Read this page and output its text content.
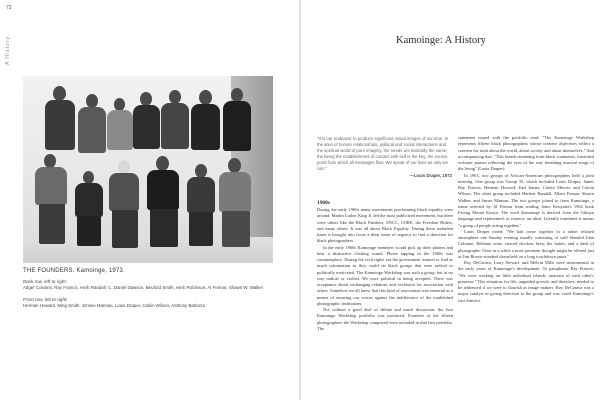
72
A History
THE FOUNDERS. Kamoinge, 1973.
Back row, left to right:
Adger Cowans, Ray Francis, Herb Randall, C. Daniel Dawson, Beuford Smith, Herb Robinson, Al Fennar, Shawn W. Walker
Front row, left to right:
Herman Howard, Ming Smith, Jimmie Mannas, Louis Draper, Calvin Wilson, Anthony Barboza
Kamoinge: A History
"It is our endeavor to produce significant visual images of our time. In the area of human relationships, political and social interactions and the spiritual world of pure imagery, the needs are basically the same; the being the establishment of contact with self is the key, the source point from which all messages flow. We speak of our lives as only we can."
—Louis Draper, 1972
1960s

During the early 1960s many movements proclaiming black equality were around. Martin Luther King Jr. led the most publicized movement, but there were others like the Black Panthers, SNCC, CORE, the Freedom Riders, and many others. It was all about Black Equality. During these turbulent times it brought into focus a deep sense of urgency to find a direction for black photographers.

In the early 1960s Kamoinge members would pick up their phones and hear a distinctive clicking sound. Phone tapping in the 1960s was commonplace. During the civil rights era the government wanted to find as much information as they could on black groups that were radical or politically motivated. The Kamoinge Workshop was such a group, but in no way radical or violent. We were political in being accepted. There was acceptance about exchanging relations and exclusion for association with others. Somehow we all knew that this kind of association was essential as a means of ensuring our voices against the indifference of the established photographic institutions.

Not without a good deal of debate and much discussion, the first Kamoinge Workshop portfolio was produced. Fourteen of the fifteen photographers the Workshop comprised were included in that first portfolio. The

statement issued with the portfolio read: "The Kamoinge Workshop represents fifteen black photographers whose creative objectives reflect a concern for truth about the world, about society and about themselves." And accompanying that, "This breath streaming from black comments, frustrated volcanic pauses reflecting the eyes of the sun, breathing musical songs of the living" (Louis Draper).

In 1963, two groups of African-American photographers held a joint meeting. One group was Group 35, which included Louis Draper, James Ray Francis, Herman Howard, Earl James, Calvin Mercer, and Calvin Wilson. The other group included Herbert Randall, Albert Fennar, Shawn Walker, and James Mannas. The two groups joined to form Kamoinge, a name selected by Al Fennar from reading Jomo Kenyatta's 1962 book Facing Mount Kenya. The word Kamoinge is derived from the Gikuyu language and represented, in essence, an ideal. Literally translated it means "a group of people acting together."

Louis Draper noted, "We had come together in a rather relaxed atmosphere one Sunday evening usually consisting of well blended John Coltrane, Bellante wine, stewed chicken, brew the ladies, and a dash of photographs. Once in a while a most pertinent thought might be offered just as Jim Brown streaked downfield on a long touchdown jaunt."

Roy DeCarava, Larry Stewart, and Melvin Mills were instrumental in the early years of Kamoinge's development. To paraphrase Ray Francis: "We were working on little individual islands, unaware of each other's presence." This situation, for life, unguided growth, and therefore, needed to be addressed if we were to flourish as image makers. Roy DeCarava was a major catalyst in giving direction to the group and was voted Kamoinge's first director.
